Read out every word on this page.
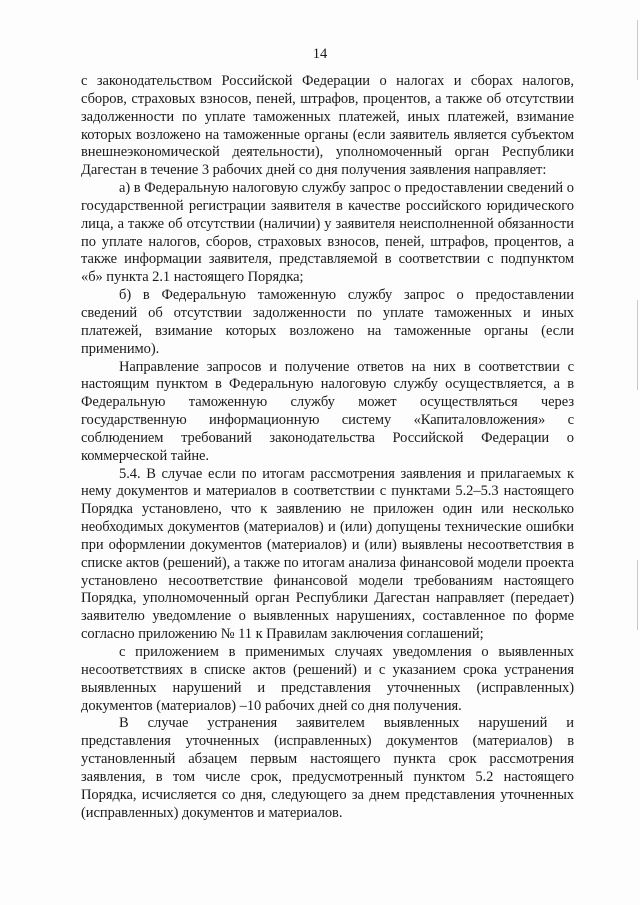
14

с законодательством Российской Федерации о налогах и сборах налогов, сборов, страховых взносов, пеней, штрафов, процентов, а также об отсутствии задолженности по уплате таможенных платежей, иных платежей, взимание которых возложено на таможенные органы (если заявитель является субъектом внешнеэкономической деятельности), уполномоченный орган Республики Дагестан в течение 3 рабочих дней со дня получения заявления направляет:

а) в Федеральную налоговую службу запрос о предоставлении сведений о государственной регистрации заявителя в качестве российского юридического лица, а также об отсутствии (наличии) у заявителя неисполненной обязанности по уплате налогов, сборов, страховых взносов, пеней, штрафов, процентов, а также информации заявителя, представляемой в соответствии с подпунктом «б» пункта 2.1 настоящего Порядка;

б) в Федеральную таможенную службу запрос о предоставлении сведений об отсутствии задолженности по уплате таможенных и иных платежей, взимание которых возложено на таможенные органы (если применимо).

Направление запросов и получение ответов на них в соответствии с настоящим пунктом в Федеральную налоговую службу осуществляется, а в Федеральную таможенную службу может осуществляться через государственную информационную систему «Капиталовложения» с соблюдением требований законодательства Российской Федерации о коммерческой тайне.

5.4. В случае если по итогам рассмотрения заявления и прилагаемых к нему документов и материалов в соответствии с пунктами 5.2–5.3 настоящего Порядка установлено, что к заявлению не приложен один или несколько необходимых документов (материалов) и (или) допущены технические ошибки при оформлении документов (материалов) и (или) выявлены несоответствия в списке актов (решений), а также по итогам анализа финансовой модели проекта установлено несоответствие финансовой модели требованиям настоящего Порядка, уполномоченный орган Республики Дагестан направляет (передает) заявителю уведомление о выявленных нарушениях, составленное по форме согласно приложению № 11 к Правилам заключения соглашений;

с приложением в применимых случаях уведомления о выявленных несоответствиях в списке актов (решений) и с указанием срока устранения выявленных нарушений и представления уточненных (исправленных) документов (материалов) –10 рабочих дней со дня получения.

В случае устранения заявителем выявленных нарушений и представления уточненных (исправленных) документов (материалов) в установленный абзацем первым настоящего пункта срок рассмотрения заявления, в том числе срок, предусмотренный пунктом 5.2 настоящего Порядка, исчисляется со дня, следующего за днем представления уточненных (исправленных) документов и материалов.
